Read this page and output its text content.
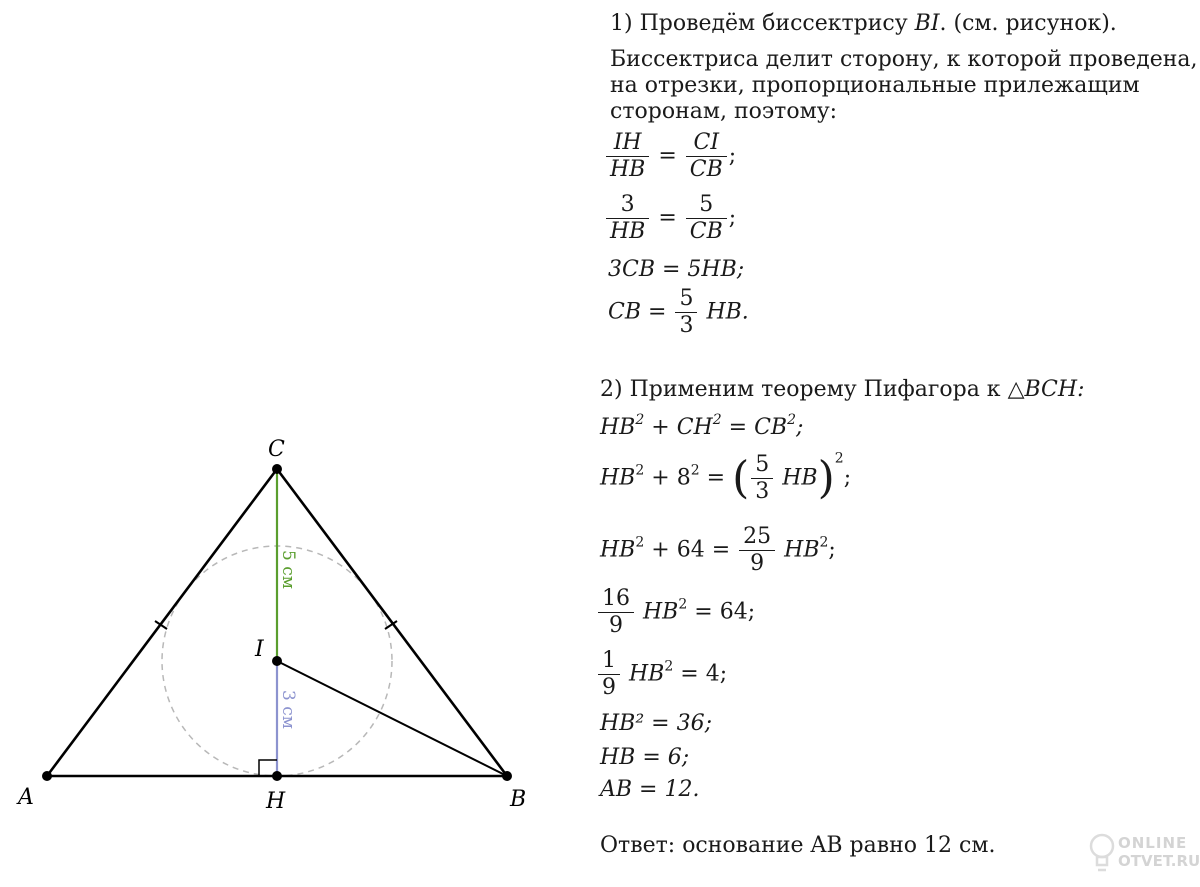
C
I
A	B
H
5 см
3 см
1) Проведём биссектрису BI. (см. рисунок).
Биссектриса делит сторону, к которой проведена,
на отрезки, пропорциональные прилежащим
сторонам, поэтому:
$\frac{IH}{HB} = \frac{CI}{CB}$ ;
$\frac{3}{HB} = \frac{5}{CB}$ ;
3CB = 5HB;
CB = $\frac{5}{3}$ HB.
2) Применим теорему Пифагора к △BCH:
$HB^2 + CH^2 = CB^2$;
$HB^2 + 8^2$ = ( $\frac{5}{3} HB)^2$;
$HB^2 + 64 = \frac{25}{9} HB^2$;
$\frac{16}{9} HB^2 = 64$;
$\frac{1}{9} HB^2 = 4$;
HB² = 36;
HB = 6;
AB = 12.
Ответ: основание AB равно 12 см.	ONLINE
OTVET.RU
